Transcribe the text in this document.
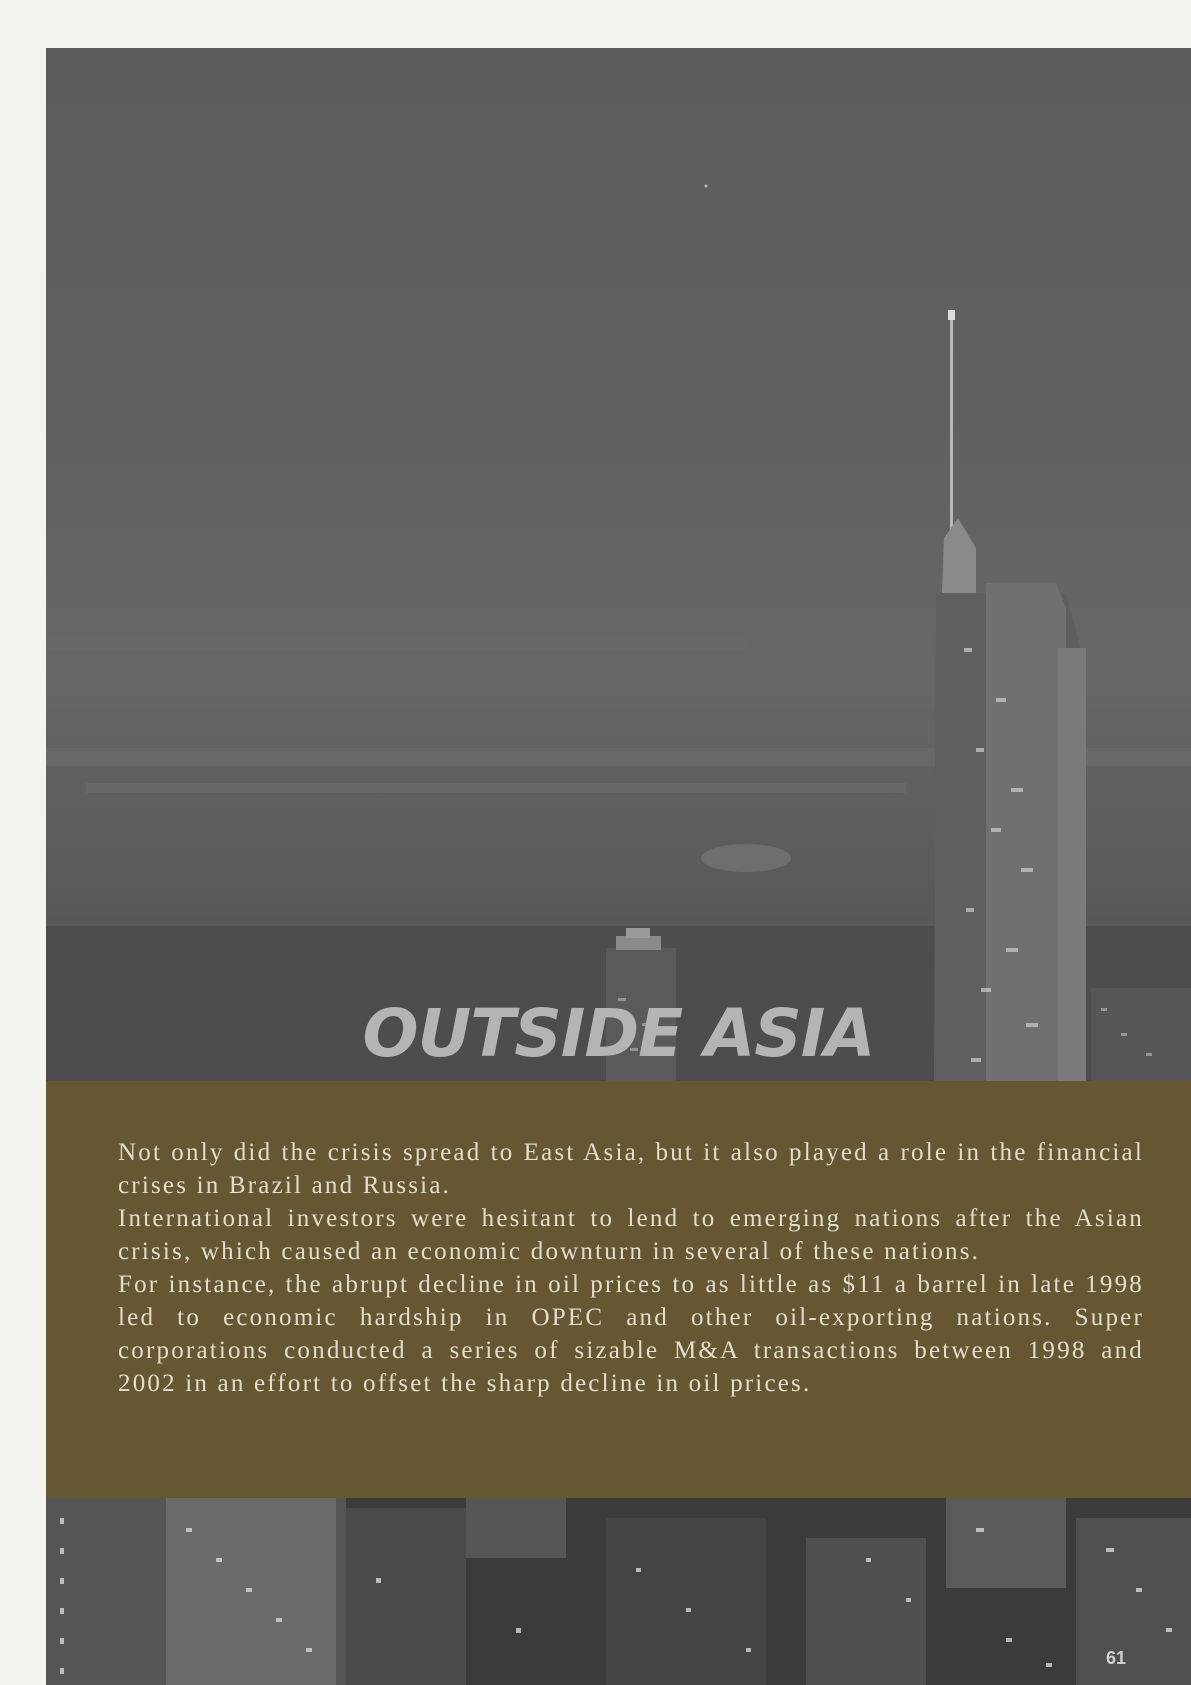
OUTSIDE ASIA

Not only did the crisis spread to East Asia, but it also played a role in the financial crises in Brazil and Russia.

International investors were hesitant to lend to emerging nations after the Asian crisis, which caused an economic downturn in several of these nations.

For instance, the abrupt decline in oil prices to as little as $11 a barrel in late 1998 led to economic hardship in OPEC and other oil-exporting nations. Super corporations conducted a series of sizable M&A transactions between 1998 and 2002 in an effort to offset the sharp decline in oil prices.

61
